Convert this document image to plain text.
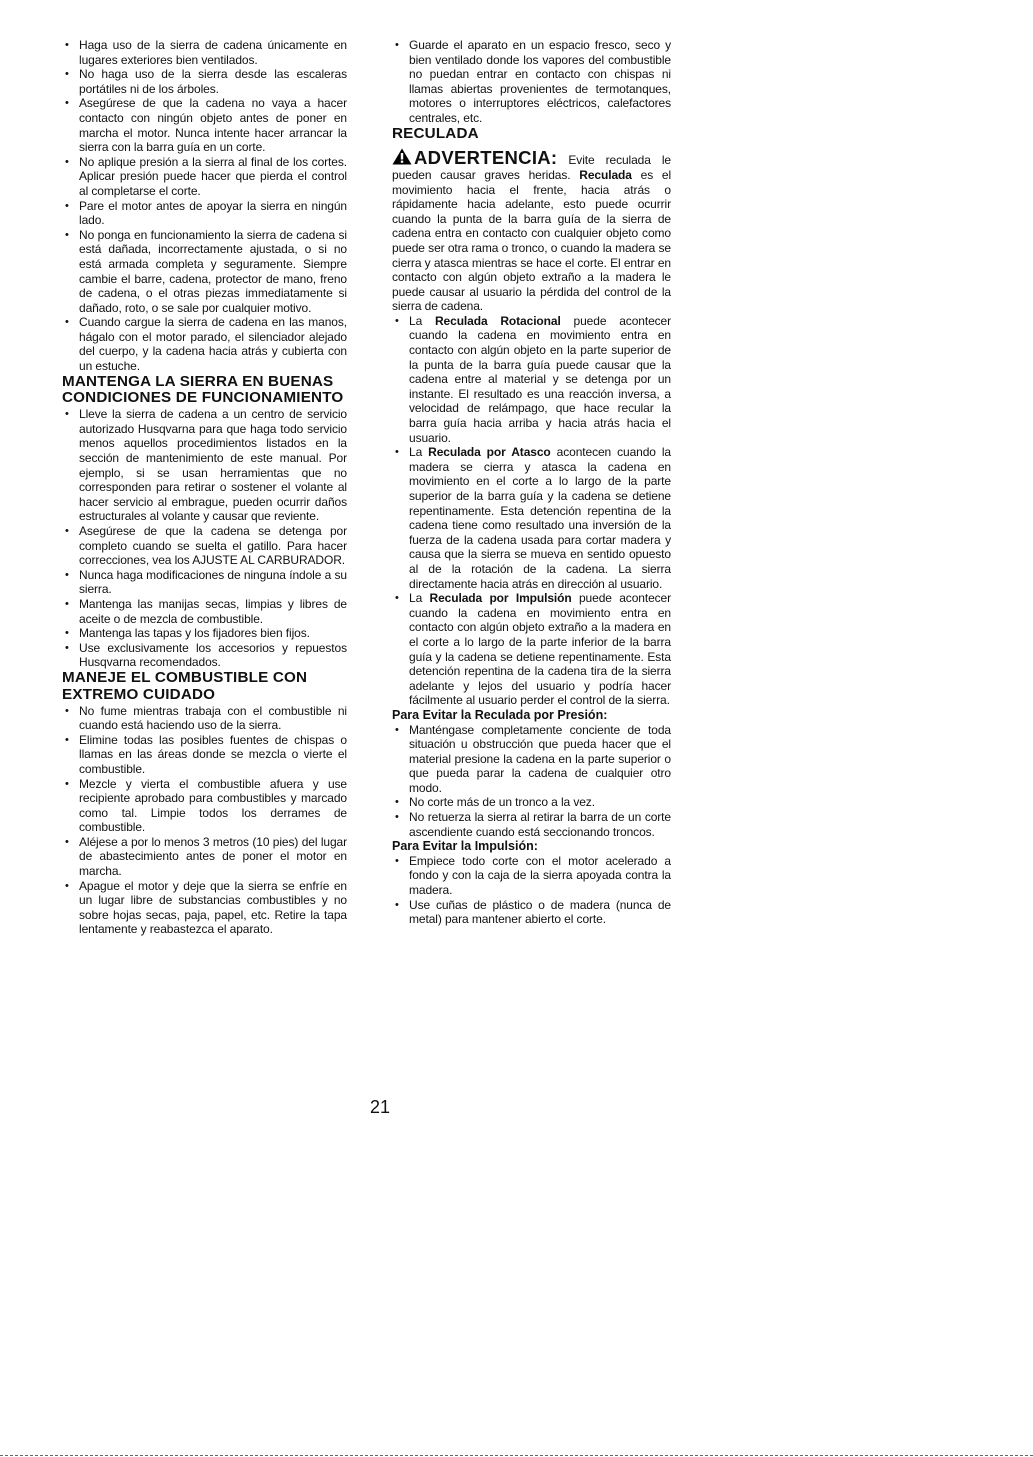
• Haga uso de la sierra de cadena únicamente en lugares exteriores bien ventilados.
• No haga uso de la sierra desde las escaleras portátiles ni de los árboles.
• Asegúrese de que la cadena no vaya a hacer contacto con ningún objeto antes de poner en marcha el motor. Nunca intente hacer arrancar la sierra con la barra guía en un corte.
• No aplique presión a la sierra al final de los cortes. Aplicar presión puede hacer que pierda el control al completarse el corte.
• Pare el motor antes de apoyar la sierra en ningún lado.
• No ponga en funcionamiento la sierra de cadena si está dañada, incorrectamente ajustada, o si no está armada completa y seguramente. Siempre cambie el barre, cadena, protector de mano, freno de cadena, o el otras piezas immediatamente si dañado, roto, o se sale por cualquier motivo.
• Cuando cargue la sierra de cadena en las manos, hágalo con el motor parado, el silenciador alejado del cuerpo, y la cadena hacia atrás y cubierta con un estuche.
MANTENGA LA SIERRA EN BUENAS CONDICIONES DE FUNCIONAMIENTO
• Lleve la sierra de cadena a un centro de servicio autorizado Husqvarna para que haga todo servicio menos aquellos procedimientos listados en la sección de mantenimiento de este manual. Por ejemplo, si se usan herramientas que no corresponden para retirar o sostener el volante al hacer servicio al embrague, pueden ocurrir daños estructurales al volante y causar que reviente.
• Asegúrese de que la cadena se detenga por completo cuando se suelta el gatillo. Para hacer correcciones, vea los AJUSTE AL CARBURADOR.
• Nunca haga modificaciones de ninguna índole a su sierra.
• Mantenga las manijas secas, limpias y libres de aceite o de mezcla de combustible.
• Mantenga las tapas y los fijadores bien fijos.
• Use exclusivamente los accesorios y repuestos Husqvarna recomendados.
MANEJE EL COMBUSTIBLE CON EXTREMO CUIDADO
• No fume mientras trabaja con el combustible ni cuando está haciendo uso de la sierra.
• Elimine todas las posibles fuentes de chispas o llamas en las áreas donde se mezcla o vierte el combustible.
• Mezcle y vierta el combustible afuera y use recipiente aprobado para combustibles y marcado como tal. Limpie todos los derrames de combustible.
• Aléjese a por lo menos 3 metros (10 pies) del lugar de abastecimiento antes de poner el motor en marcha.
• Apague el motor y deje que la sierra se enfríe en un lugar libre de substancias combustibles y no sobre hojas secas, paja, papel, etc. Retire la tapa lentamente y reabastezca el aparato.
• Guarde el aparato en un espacio fresco, seco y bien ventilado donde los vapores del combustible no puedan entrar en contacto con chispas ni llamas abiertas provenientes de termotanques, motores o interruptores eléctricos, calefactores centrales, etc.
RECULADA

ADVERTENCIA: Evite reculada le pueden causar graves heridas. Reculada es el movimiento hacia el frente, hacia atrás o rápidamente hacia adelante, esto puede ocurrir cuando la punta de la barra guía de la sierra de cadena entra en contacto con cualquier objeto como puede ser otra rama o tronco, o cuando la madera se cierra y atasca mientras se hace el corte. El entrar en contacto con algún objeto extraño a la madera le puede causar al usuario la pérdida del control de la sierra de cadena.

• La Reculada Rotacional puede acontecer cuando la cadena en movimiento entra en contacto con algún objeto en la parte superior de la punta de la barra guía puede causar que la cadena entre al material y se detenga por un instante. El resultado es una reacción inversa, a velocidad de relámpago, que hace recular la barra guía hacia arriba y hacia atrás hacia el usuario.
• La Reculada por Atasco acontecen cuando la madera se cierra y atasca la cadena en movimiento en el corte a lo largo de la parte superior de la barra guía y la cadena se detiene repentinamente. Esta detención repentina de la cadena tiene como resultado una inversión de la fuerza de la cadena usada para cortar madera y causa que la sierra se mueva en sentido opuesto al de la rotación de la cadena. La sierra directamente hacia atrás en dirección al usuario.
• La Reculada por Impulsión puede acontecer cuando la cadena en movimiento entra en contacto con algún objeto extraño a la madera en el corte a lo largo de la parte inferior de la barra guía y la cadena se detiene repentinamente. Esta detención repentina de la cadena tira de la sierra adelante y lejos del usuario y podría hacer fácilmente al usuario perder el control de la sierra.
Para Evitar la Reculada por Presión:
• Manténgase completamente conciente de toda situación u obstrucción que pueda hacer que el material presione la cadena en la parte superior o que pueda parar la cadena de cualquier otro modo.
• No corte más de un tronco a la vez.
• No retuerza la sierra al retirar la barra de un corte ascendiente cuando está seccionando troncos.
Para Evitar la Impulsión:
• Empiece todo corte con el motor acelerado a fondo y con la caja de la sierra apoyada contra la madera.
• Use cuñas de plástico o de madera (nunca de metal) para mantener abierto el corte.
21
